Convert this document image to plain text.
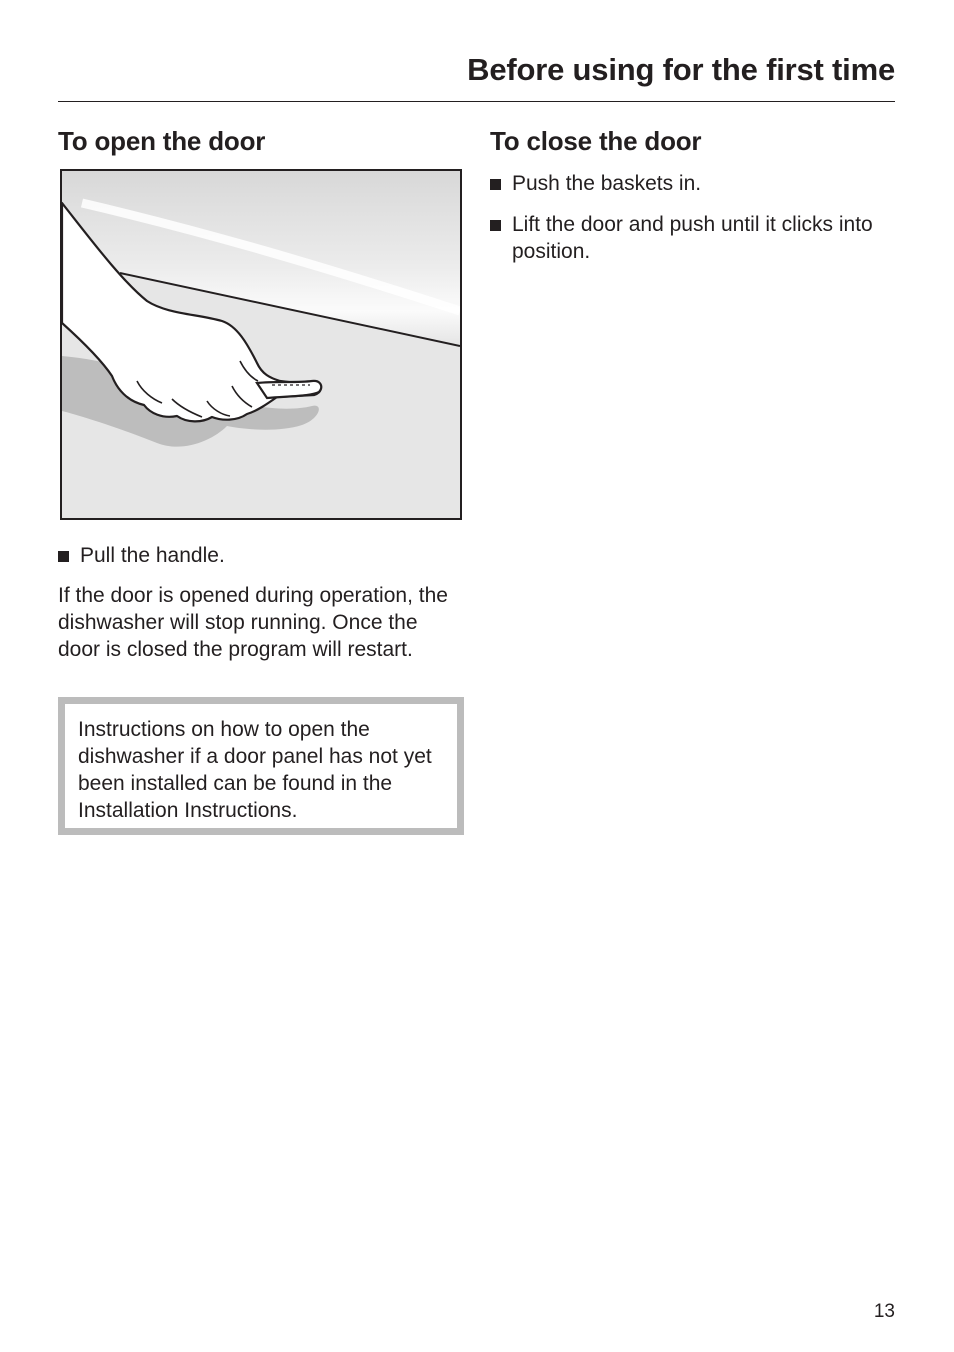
Before using for the first time
To open the door
Pull the handle.

If the door is opened during operation, the dishwasher will stop running. Once the door is closed the program will restart.

Instructions on how to open the dishwasher if a door panel has not yet been installed can be found in the Installation Instructions.
To close the door
Push the baskets in.
Lift the door and push until it clicks into position.
13
